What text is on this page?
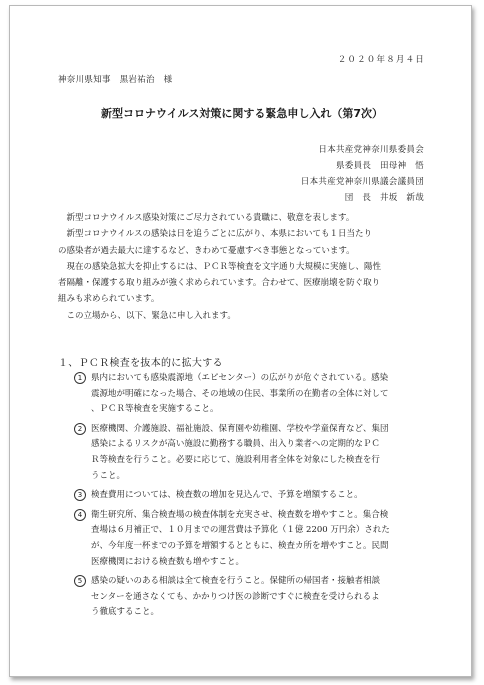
２０２０年８月４日
神奈川県知事　黒岩祐治　様
新型コロナウイルス対策に関する緊急申し入れ（第7次）
日本共産党神奈川県委員会
県委員長　田母神　悟
日本共産党神奈川県議会議員団
団　長　井坂　新哉

　新型コロナウイルス感染対策にご尽力されている貴職に、敬意を表します。

　新型コロナウイルスの感染は日を追うごとに広がり、本県においても１日当たり

の感染者が過去最大に達するなど、きわめて憂慮すべき事態となっています。

　現在の感染急拡大を抑止するには、ＰＣＲ等検査を文字通り大規模に実施し、陽性

者隔離・保護する取り組みが強く求められています。合わせて、医療崩壊を防ぐ取り

組みも求められています。

　この立場から、以下、緊急に申し入れます。

１、ＰＣＲ検査を抜本的に拡大する
1	県内においても感染震源地（エピセンター）の広がりが危ぐされている。感染
震源地が明確になった場合、その地域の住民、事業所の在勤者の全体に対して
、ＰＣＲ等検査を実施すること。
2	医療機関、介護施設、福祉施設、保育園や幼稚園、学校や学童保育など、集団
感染によるリスクが高い施設に勤務する職員、出入り業者への定期的なＰＣ
Ｒ等検査を行うこと。必要に応じて、施設利用者全体を対象にした検査を行
うこと。
3	検査費用については、検査数の増加を見込んで、予算を増額すること。
4	衛生研究所、集合検査場の検査体制を充実させ、検査数を増やすこと。集合検
査場は６月補正で、１０月までの運営費は予算化（１億 2200 万円余）された
が、今年度一杯までの予算を増額するとともに、検査カ所を増やすこと。民間
医療機関における検査数も増やすこと。
5	感染の疑いのある相談は全て検査を行うこと。保健所の帰国者・接触者相談
センターを通さなくても、かかりつけ医の診断ですぐに検査を受けられるよ
う徹底すること。
